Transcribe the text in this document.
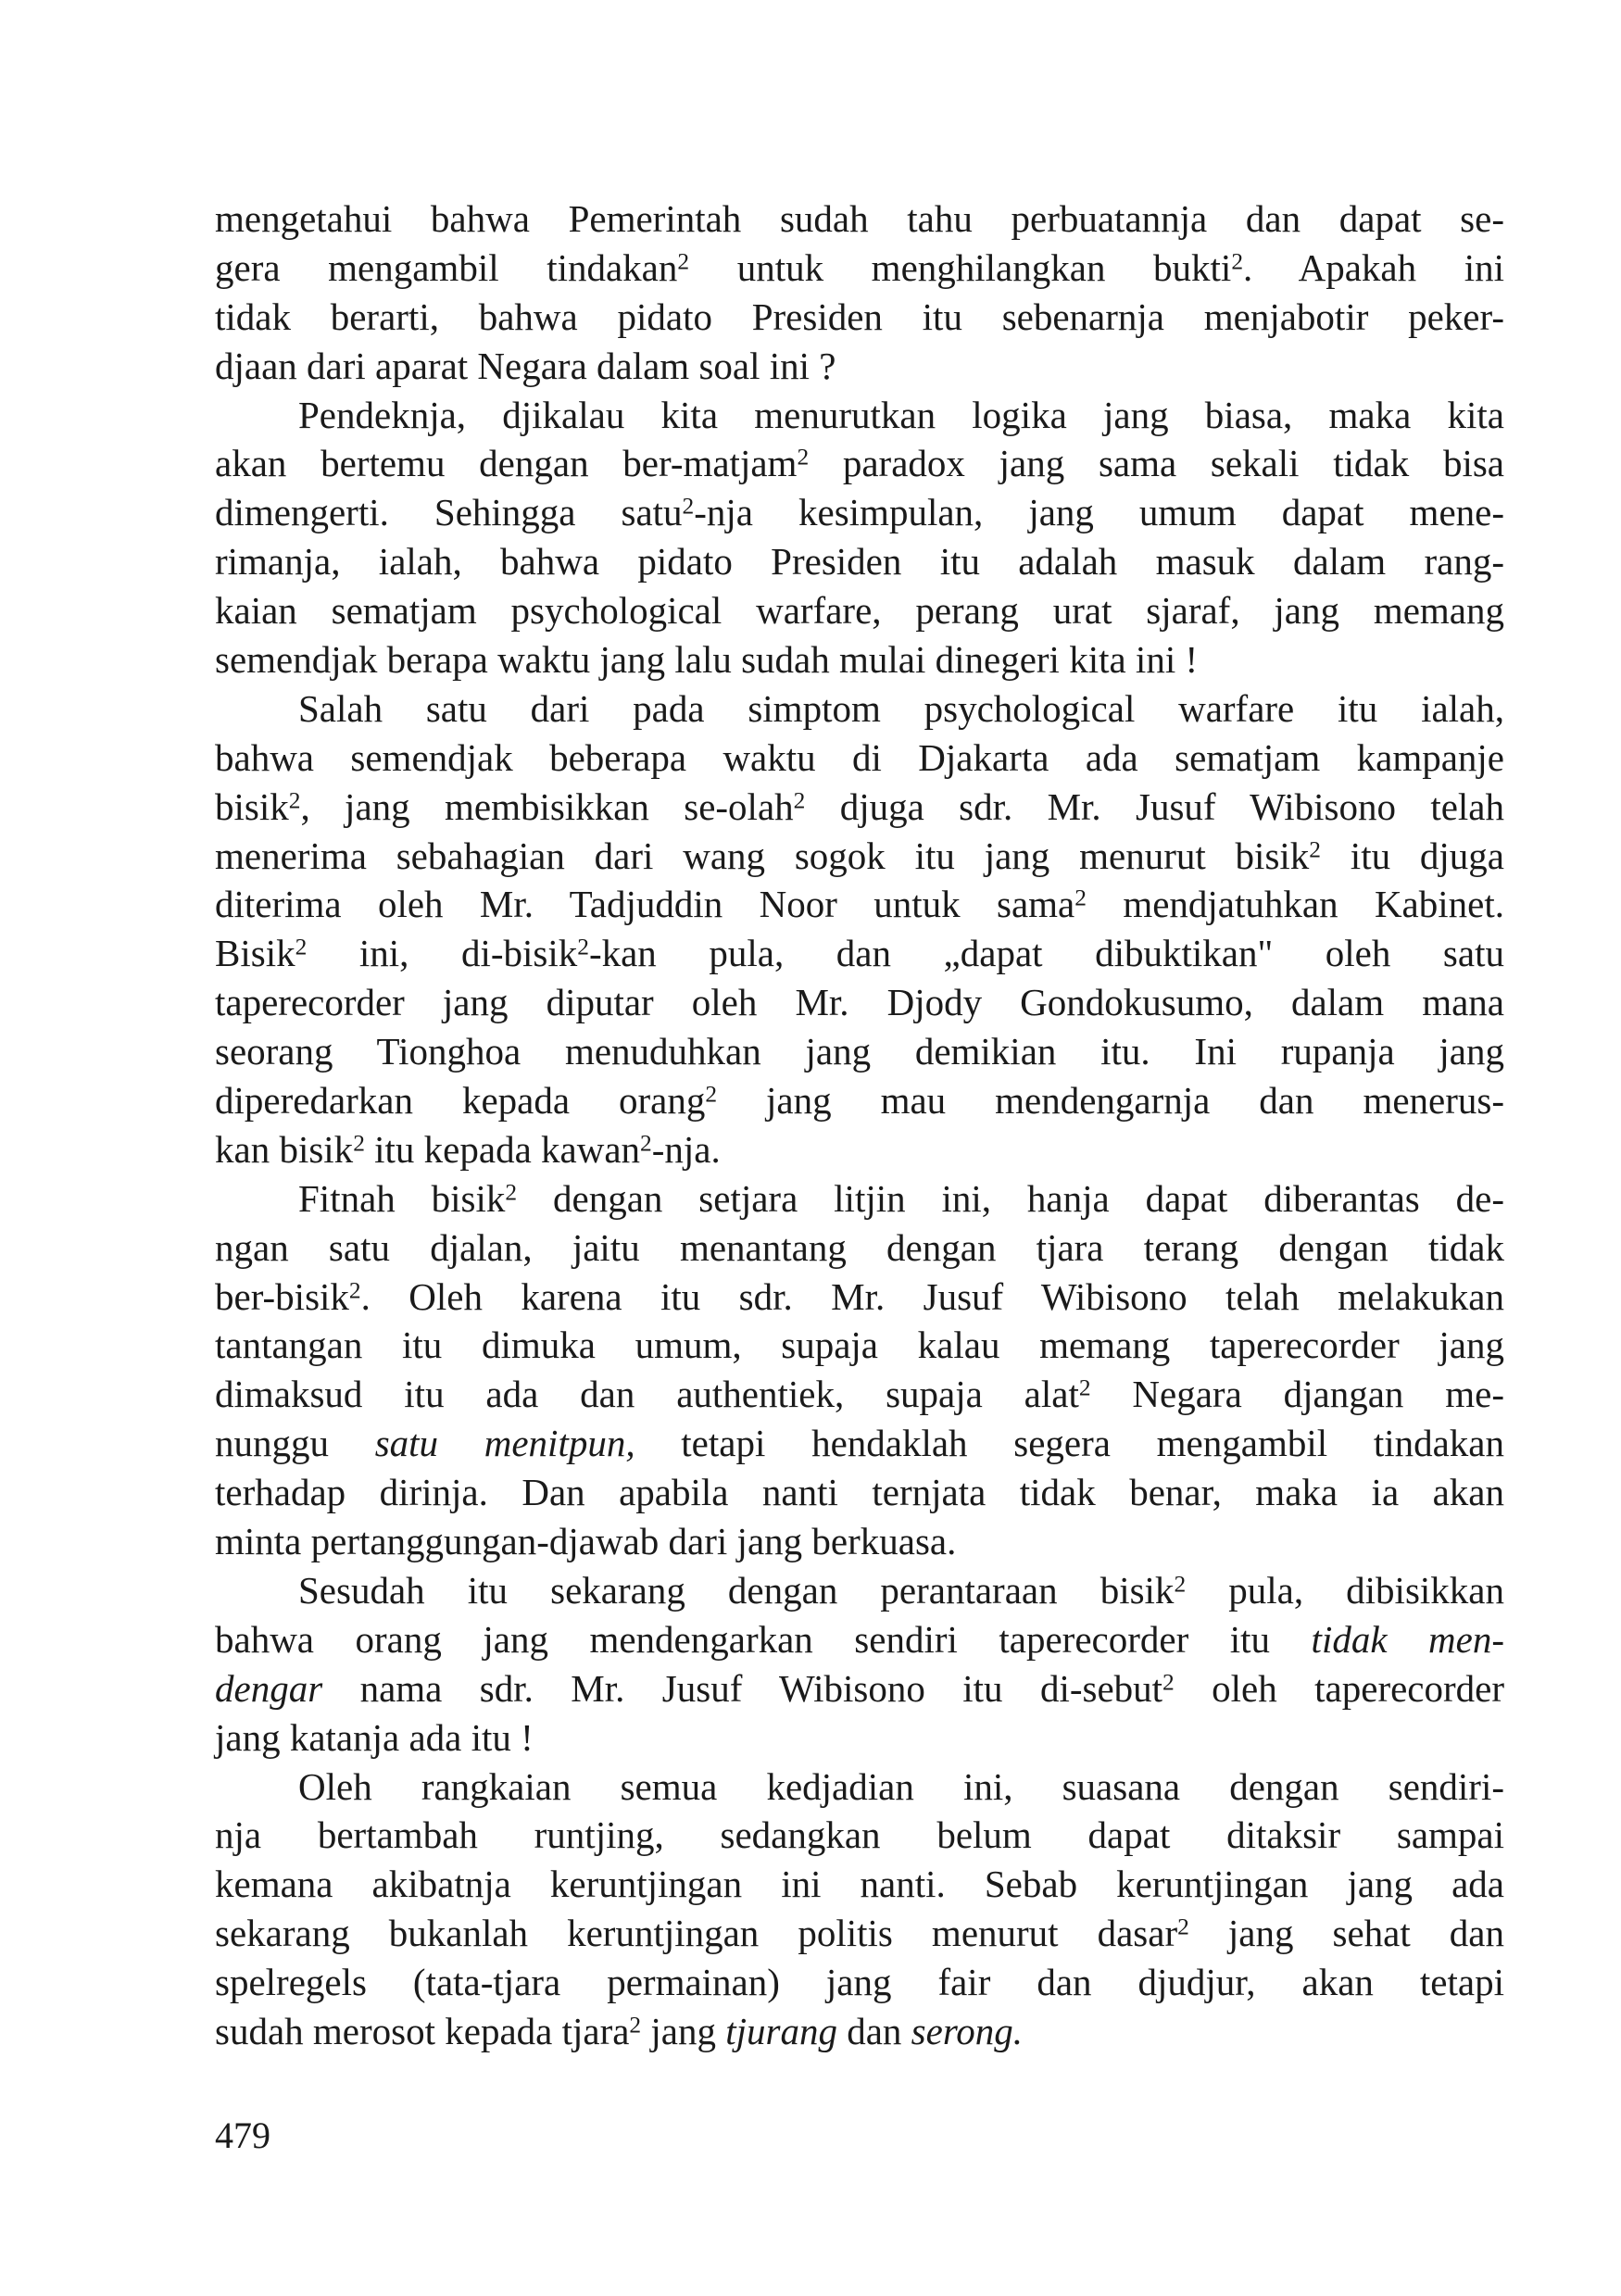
mengetahui bahwa Pemerintah sudah tahu perbuatannja dan dapat se-
gera mengambil tindakan$^2$ untuk menghilangkan bukti$^2$. Apakah ini
tidak berarti, bahwa pidato Presiden itu sebenarnja menjabotir peker-
djaan dari aparat Negara dalam soal ini ?
Pendeknja, djikalau kita menurutkan logika jang biasa, maka kita
akan bertemu dengan ber-matjam$^2$ paradox jang sama sekali tidak bisa
dimengerti. Sehingga satu$^2$-nja kesimpulan, jang umum dapat mene-
rimanja, ialah, bahwa pidato Presiden itu adalah masuk dalam rang-
kaian sematjam psychological warfare, perang urat sjaraf, jang memang
semendjak berapa waktu jang lalu sudah mulai dinegeri kita ini !
Salah satu dari pada simptom psychological warfare itu ialah,
bahwa semendjak beberapa waktu di Djakarta ada sematjam kampanje
bisik$^2$, jang membisikkan se-olah$^2$ djuga sdr. Mr. Jusuf Wibisono telah
menerima sebahagian dari wang sogok itu jang menurut bisik$^2$ itu djuga
diterima oleh Mr. Tadjuddin Noor untuk sama$^2$ mendjatuhkan Kabinet.
Bisik$^2$ ini, di-bisik$^2$-kan pula, dan „dapat dibuktikan" oleh satu
taperecorder jang diputar oleh Mr. Djody Gondokusumo, dalam mana
seorang Tionghoa menuduhkan jang demikian itu. Ini rupanja jang
diperedarkan kepada orang$^2$ jang mau mendengarnja dan menerus-
kan bisik$^2$ itu kepada kawan$^2$-nja.
Fitnah bisik$^2$ dengan setjara litjin ini, hanja dapat diberantas de-
ngan satu djalan, jaitu menantang dengan tjara terang dengan tidak
ber-bisik$^2$. Oleh karena itu sdr. Mr. Jusuf Wibisono telah melakukan
tantangan itu dimuka umum, supaja kalau memang taperecorder jang
dimaksud itu ada dan authentiek, supaja alat$^2$ Negara djangan me-
nunggu satu menitpun, tetapi hendaklah segera mengambil tindakan
terhadap dirinja. Dan apabila nanti ternjata tidak benar, maka ia akan
minta pertanggungan-djawab dari jang berkuasa.
Sesudah itu sekarang dengan perantaraan bisik$^2$ pula, dibisikkan
bahwa orang jang mendengarkan sendiri taperecorder itu tidak men-
dengar nama sdr. Mr. Jusuf Wibisono itu di-sebut$^2$ oleh taperecorder
jang katanja ada itu !
Oleh rangkaian semua kedjadian ini, suasana dengan sendiri-
nja bertambah runtjing, sedangkan belum dapat ditaksir sampai
kemana akibatnja keruntjingan ini nanti. Sebab keruntjingan jang ada
sekarang bukanlah keruntjingan politis menurut dasar$^2$ jang sehat dan
spelregels (tata-tjara permainan) jang fair dan djudjur, akan tetapi
sudah merosot kepada tjara$^2$ jang tjurang dan serong.
479
